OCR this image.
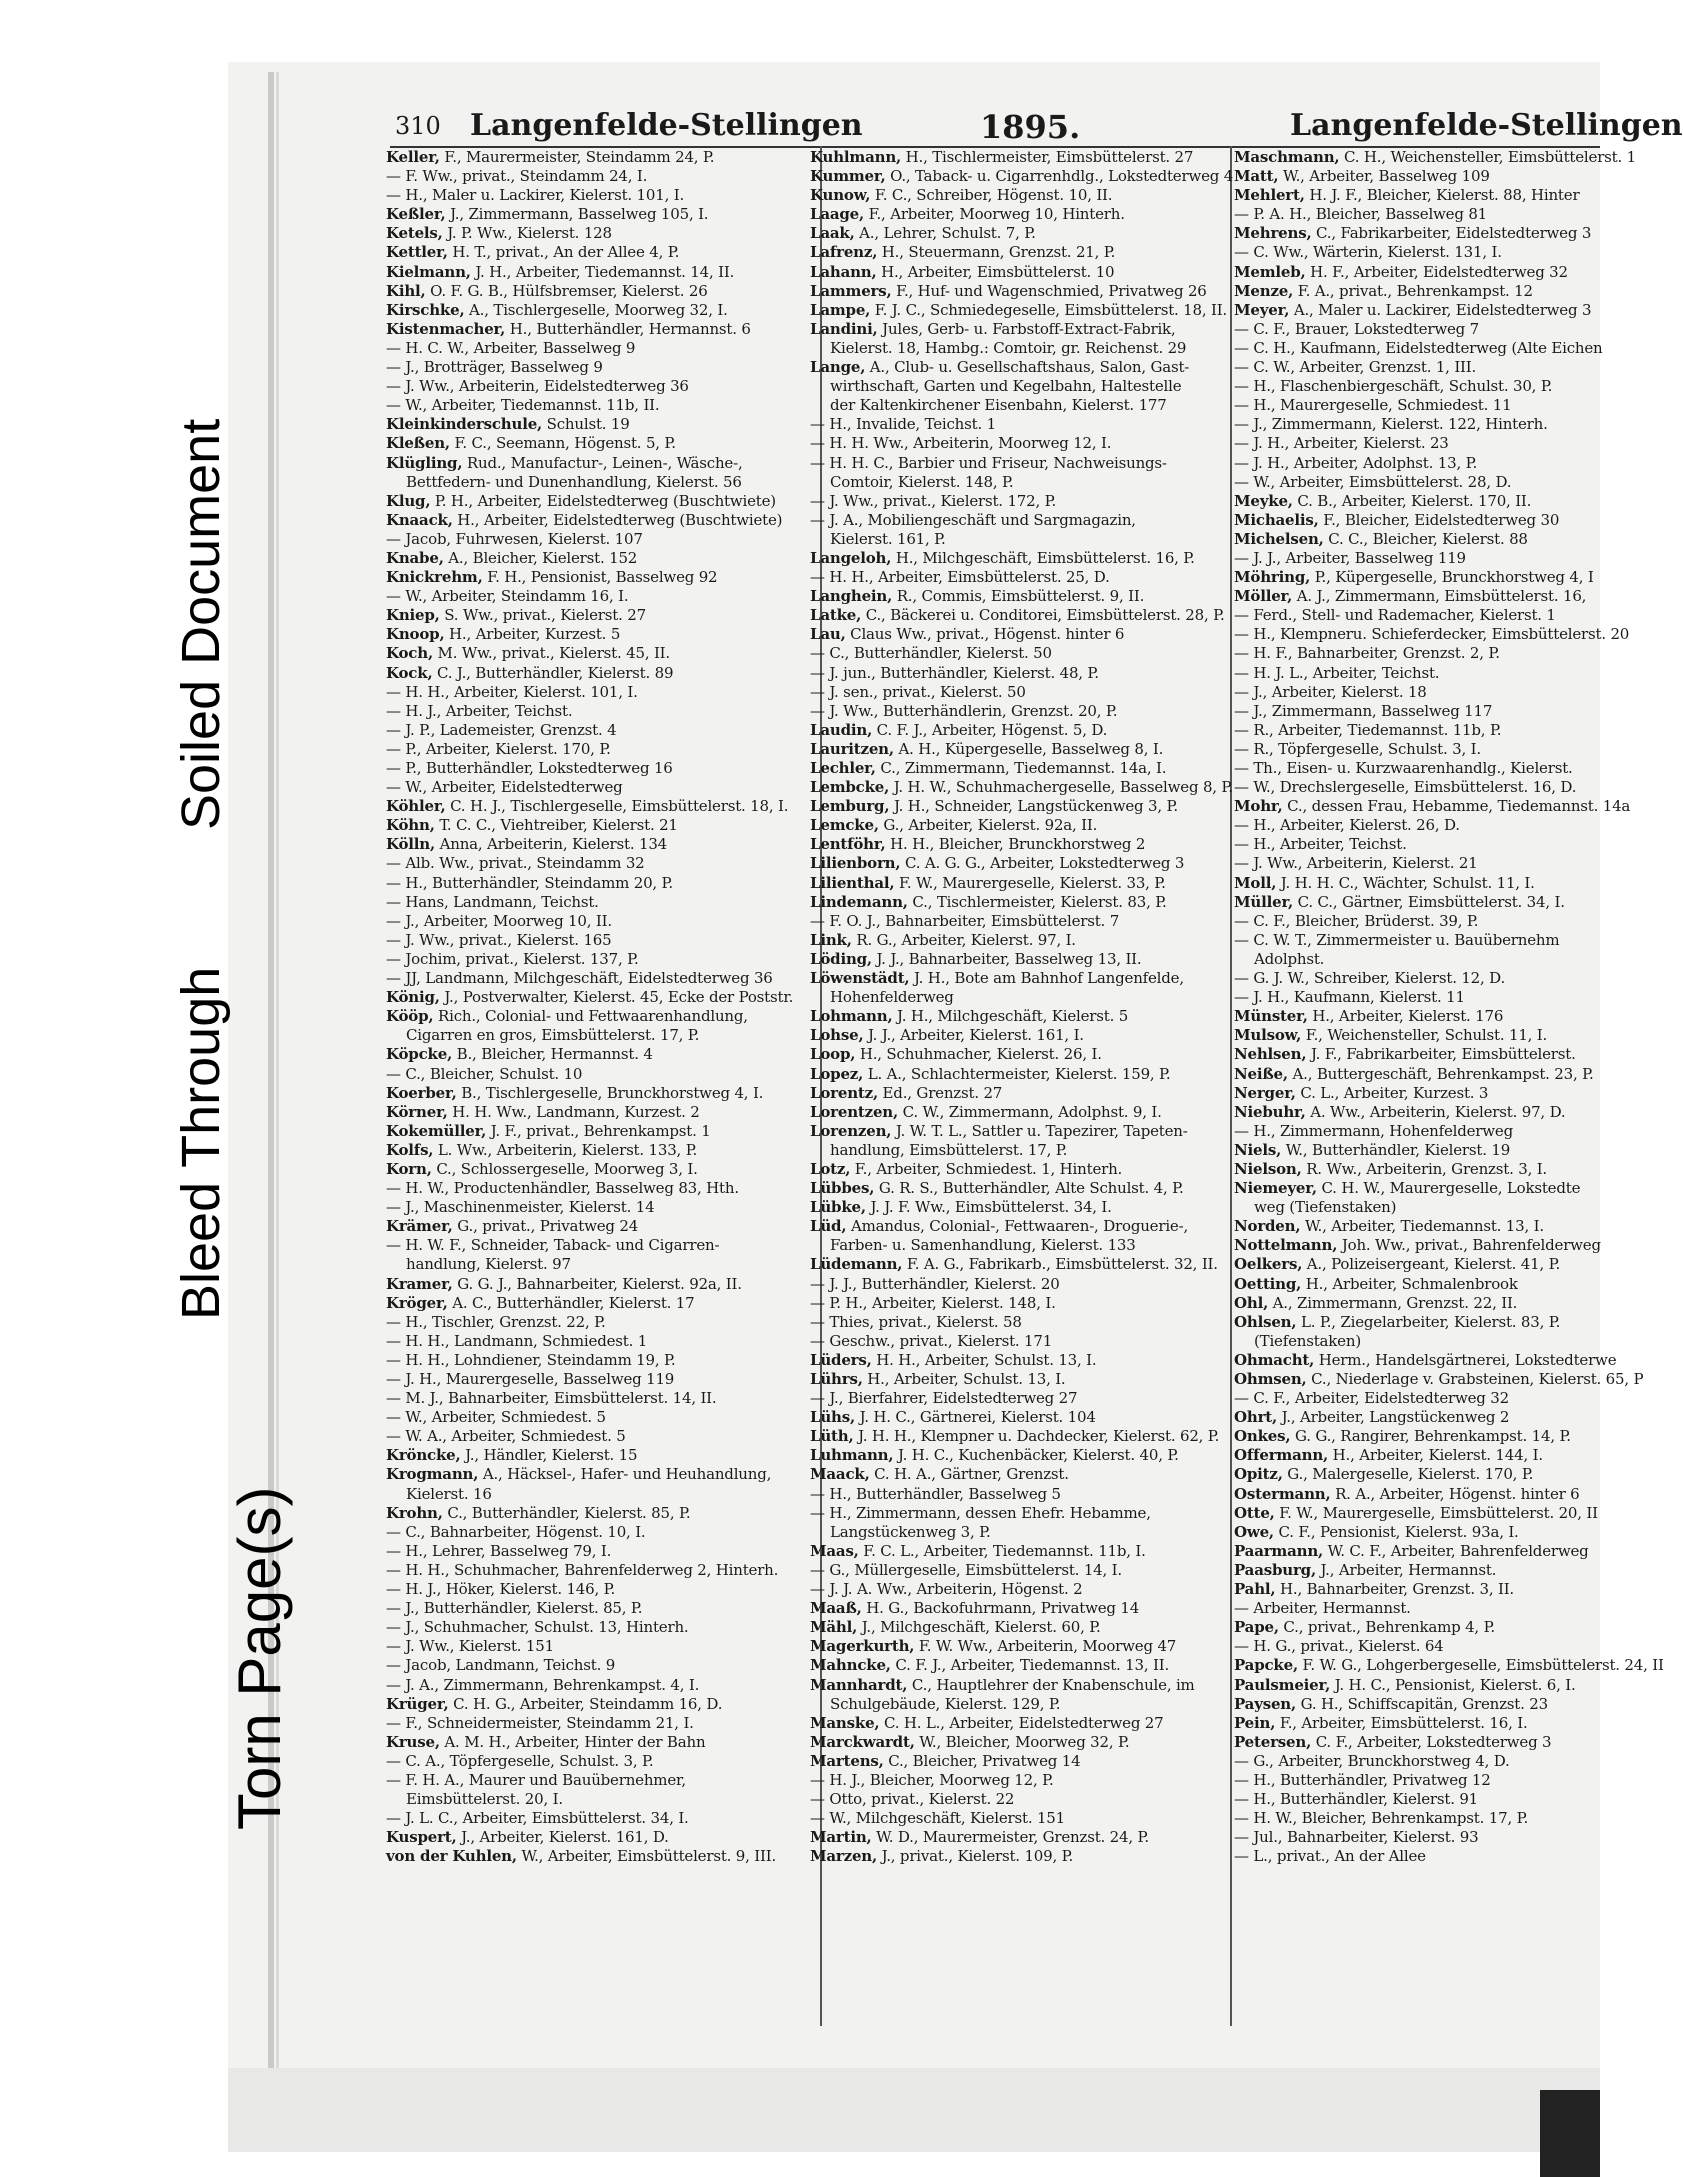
Soiled Document
Bleed Through
Torn Page(s)
310 Langenfelde-Stellingen	1895.	Langenfelde-Stellingen
Keller, F., Maurermeister, Steindamm 24, P.
— F. Ww., privat., Steindamm 24, I.
— H., Maler u. Lackirer, Kielerst. 101, I.
Keßler, J., Zimmermann, Basselweg 105, I.
Ketels, J. P. Ww., Kielerst. 128
Kettler, H. T., privat., An der Allee 4, P.
Kielmann, J. H., Arbeiter, Tiedemannst. 14, II.
Kihl, O. F. G. B., Hülfsbremser, Kielerst. 26
Kirschke, A., Tischlergeselle, Moorweg 32, I.
Kistenmacher, H., Butterhändler, Hermannst. 6
— H. C. W., Arbeiter, Basselweg 9
— J., Brotträger, Basselweg 9
— J. Ww., Arbeiterin, Eidelstedterweg 36
— W., Arbeiter, Tiedemannst. 11b, II.
Kleinkinderschule, Schulst. 19
Kleßen, F. C., Seemann, Högenst. 5, P.
Klügling, Rud., Manufactur-, Leinen-, Wäsche-,
Bettfedern- und Dunenhandlung, Kielerst. 56
Klug, P. H., Arbeiter, Eidelstedterweg (Buschtwiete)
Knaack, H., Arbeiter, Eidelstedterweg (Buschtwiete)
— Jacob, Fuhrwesen, Kielerst. 107
Knabe, A., Bleicher, Kielerst. 152
Knickrehm, F. H., Pensionist, Basselweg 92
— W., Arbeiter, Steindamm 16, I.
Kniep, S. Ww., privat., Kielerst. 27
Knoop, H., Arbeiter, Kurzest. 5
Koch, M. Ww., privat., Kielerst. 45, II.
Kock, C. J., Butterhändler, Kielerst. 89
— H. H., Arbeiter, Kielerst. 101, I.
— H. J., Arbeiter, Teichst.
— J. P., Lademeister, Grenzst. 4
— P., Arbeiter, Kielerst. 170, P.
— P., Butterhändler, Lokstedterweg 16
— W., Arbeiter, Eidelstedterweg
Köhler, C. H. J., Tischlergeselle, Eimsbüttelerst. 18, I.
Köhn, T. C. C., Viehtreiber, Kielerst. 21
Kölln, Anna, Arbeiterin, Kielerst. 134
— Alb. Ww., privat., Steindamm 32
— H., Butterhändler, Steindamm 20, P.
— Hans, Landmann, Teichst.
— J., Arbeiter, Moorweg 10, II.
— J. Ww., privat., Kielerst. 165
— Jochim, privat., Kielerst. 137, P.
— JJ, Landmann, Milchgeschäft, Eidelstedterweg 36
König, J., Postverwalter, Kielerst. 45, Ecke der Poststr.
Kööp, Rich., Colonial- und Fettwaarenhandlung,
Cigarren en gros, Eimsbüttelerst. 17, P.
Köpcke, B., Bleicher, Hermannst. 4
— C., Bleicher, Schulst. 10
Koerber, B., Tischlergeselle, Brunckhorstweg 4, I.
Körner, H. H. Ww., Landmann, Kurzest. 2
Kokemüller, J. F., privat., Behrenkampst. 1
Kolfs, L. Ww., Arbeiterin, Kielerst. 133, P.
Korn, C., Schlossergeselle, Moorweg 3, I.
— H. W., Productenhändler, Basselweg 83, Hth.
— J., Maschinenmeister, Kielerst. 14
Krämer, G., privat., Privatweg 24
— H. W. F., Schneider, Taback- und Cigarren-
handlung, Kielerst. 97
Kramer, G. G. J., Bahnarbeiter, Kielerst. 92a, II.
Kröger, A. C., Butterhändler, Kielerst. 17
— H., Tischler, Grenzst. 22, P.
— H. H., Landmann, Schmiedest. 1
— H. H., Lohndiener, Steindamm 19, P.
— J. H., Maurergeselle, Basselweg 119
— M. J., Bahnarbeiter, Eimsbüttelerst. 14, II.
— W., Arbeiter, Schmiedest. 5
— W. A., Arbeiter, Schmiedest. 5
Kröncke, J., Händler, Kielerst. 15
Krogmann, A., Häcksel-, Hafer- und Heuhandlung,
Kielerst. 16
Krohn, C., Butterhändler, Kielerst. 85, P.
— C., Bahnarbeiter, Högenst. 10, I.
— H., Lehrer, Basselweg 79, I.
— H. H., Schuhmacher, Bahrenfelderweg 2, Hinterh.
— H. J., Höker, Kielerst. 146, P.
— J., Butterhändler, Kielerst. 85, P.
— J., Schuhmacher, Schulst. 13, Hinterh.
— J. Ww., Kielerst. 151
— Jacob, Landmann, Teichst. 9
— J. A., Zimmermann, Behrenkampst. 4, I.
Krüger, C. H. G., Arbeiter, Steindamm 16, D.
— F., Schneidermeister, Steindamm 21, I.
Kruse, A. M. H., Arbeiter, Hinter der Bahn
— C. A., Töpfergeselle, Schulst. 3, P.
— F. H. A., Maurer und Bauübernehmer,
Eimsbüttelerst. 20, I.
— J. L. C., Arbeiter, Eimsbüttelerst. 34, I.
Kuspert, J., Arbeiter, Kielerst. 161, D.
von der Kuhlen, W., Arbeiter, Eimsbüttelerst. 9, III.
Kuhlmann, H., Tischlermeister, Eimsbüttelerst. 27
Kummer, O., Taback- u. Cigarrenhdlg., Lokstedterweg 4
Kunow, F. C., Schreiber, Högenst. 10, II.
Laage, F., Arbeiter, Moorweg 10, Hinterh.
Laak, A., Lehrer, Schulst. 7, P.
Lafrenz, H., Steuermann, Grenzst. 21, P.
Lahann, H., Arbeiter, Eimsbüttelerst. 10
Lammers, F., Huf- und Wagenschmied, Privatweg 26
Lampe, F. J. C., Schmiedegeselle, Eimsbüttelerst. 18, II.
Landini, Jules, Gerb- u. Farbstoff-Extract-Fabrik,
Kielerst. 18, Hambg.: Comtoir, gr. Reichenst. 29
Lange, A., Club- u. Gesellschaftshaus, Salon, Gast-
wirthschaft, Garten und Kegelbahn, Haltestelle
der Kaltenkirchener Eisenbahn, Kielerst. 177
— H., Invalide, Teichst. 1
— H. H. Ww., Arbeiterin, Moorweg 12, I.
— H. H. C., Barbier und Friseur, Nachweisungs-
Comtoir, Kielerst. 148, P.
— J. Ww., privat., Kielerst. 172, P.
— J. A., Mobiliengeschäft und Sargmagazin,
Kielerst. 161, P.
Langeloh, H., Milchgeschäft, Eimsbüttelerst. 16, P.
— H. H., Arbeiter, Eimsbüttelerst. 25, D.
Langhein, R., Commis, Eimsbüttelerst. 9, II.
Latke, C., Bäckerei u. Conditorei, Eimsbüttelerst. 28, P.
Lau, Claus Ww., privat., Högenst. hinter 6
— C., Butterhändler, Kielerst. 50
— J. jun., Butterhändler, Kielerst. 48, P.
— J. sen., privat., Kielerst. 50
— J. Ww., Butterhändlerin, Grenzst. 20, P.
Laudin, C. F. J., Arbeiter, Högenst. 5, D.
Lauritzen, A. H., Küpergeselle, Basselweg 8, I.
Lechler, C., Zimmermann, Tiedemannst. 14a, I.
Lembcke, J. H. W., Schuhmachergeselle, Basselweg 8, P.
Lemburg, J. H., Schneider, Langstückenweg 3, P.
Lemcke, G., Arbeiter, Kielerst. 92a, II.
Lentföhr, H. H., Bleicher, Brunckhorstweg 2
Lilienborn, C. A. G. G., Arbeiter, Lokstedterweg 3
Lilienthal, F. W., Maurergeselle, Kielerst. 33, P.
Lindemann, C., Tischlermeister, Kielerst. 83, P.
— F. O. J., Bahnarbeiter, Eimsbüttelerst. 7
Link, R. G., Arbeiter, Kielerst. 97, I.
Löding, J. J., Bahnarbeiter, Basselweg 13, II.
Löwenstädt, J. H., Bote am Bahnhof Langenfelde,
Hohenfelderweg
Lohmann, J. H., Milchgeschäft, Kielerst. 5
Lohse, J. J., Arbeiter, Kielerst. 161, I.
Loop, H., Schuhmacher, Kielerst. 26, I.
Lopez, L. A., Schlachtermeister, Kielerst. 159, P.
Lorentz, Ed., Grenzst. 27
Lorentzen, C. W., Zimmermann, Adolphst. 9, I.
Lorenzen, J. W. T. L., Sattler u. Tapezirer, Tapeten-
handlung, Eimsbüttelerst. 17, P.
Lotz, F., Arbeiter, Schmiedest. 1, Hinterh.
Lübbes, G. R. S., Butterhändler, Alte Schulst. 4, P.
Lübke, J. J. F. Ww., Eimsbüttelerst. 34, I.
Lüd, Amandus, Colonial-, Fettwaaren-, Droguerie-,
Farben- u. Samenhandlung, Kielerst. 133
Lüdemann, F. A. G., Fabrikarb., Eimsbüttelerst. 32, II.
— J. J., Butterhändler, Kielerst. 20
— P. H., Arbeiter, Kielerst. 148, I.
— Thies, privat., Kielerst. 58
— Geschw., privat., Kielerst. 171
Lüders, H. H., Arbeiter, Schulst. 13, I.
Lührs, H., Arbeiter, Schulst. 13, I.
— J., Bierfahrer, Eidelstedterweg 27
Lühs, J. H. C., Gärtnerei, Kielerst. 104
Lüth, J. H. H., Klempner u. Dachdecker, Kielerst. 62, P.
Luhmann, J. H. C., Kuchenbäcker, Kielerst. 40, P.
Maack, C. H. A., Gärtner, Grenzst.
— H., Butterhändler, Basselweg 5
— H., Zimmermann, dessen Ehefr. Hebamme,
Langstückenweg 3, P.
Maas, F. C. L., Arbeiter, Tiedemannst. 11b, I.
— G., Müllergeselle, Eimsbüttelerst. 14, I.
— J. J. A. Ww., Arbeiterin, Högenst. 2
Maaß, H. G., Backofuhrmann, Privatweg 14
Mähl, J., Milchgeschäft, Kielerst. 60, P.
Magerkurth, F. W. Ww., Arbeiterin, Moorweg 47
Mahncke, C. F. J., Arbeiter, Tiedemannst. 13, II.
Mannhardt, C., Hauptlehrer der Knabenschule, im
Schulgebäude, Kielerst. 129, P.
Manske, C. H. L., Arbeiter, Eidelstedterweg 27
Marckwardt, W., Bleicher, Moorweg 32, P.
Martens, C., Bleicher, Privatweg 14
— H. J., Bleicher, Moorweg 12, P.
— Otto, privat., Kielerst. 22
— W., Milchgeschäft, Kielerst. 151
Martin, W. D., Maurermeister, Grenzst. 24, P.
Marzen, J., privat., Kielerst. 109, P.
Maschmann, C. H., Weichensteller, Eimsbüttelerst. 1
Matt, W., Arbeiter, Basselweg 109
Mehlert, H. J. F., Bleicher, Kielerst. 88, Hinter
— P. A. H., Bleicher, Basselweg 81
Mehrens, C., Fabrikarbeiter, Eidelstedterweg 3
— C. Ww., Wärterin, Kielerst. 131, I.
Memleb, H. F., Arbeiter, Eidelstedterweg 32
Menze, F. A., privat., Behrenkampst. 12
Meyer, A., Maler u. Lackirer, Eidelstedterweg 3
— C. F., Brauer, Lokstedterweg 7
— C. H., Kaufmann, Eidelstedterweg (Alte Eichen
— C. W., Arbeiter, Grenzst. 1, III.
— H., Flaschenbiergeschäft, Schulst. 30, P.
— H., Maurergeselle, Schmiedest. 11
— J., Zimmermann, Kielerst. 122, Hinterh.
— J. H., Arbeiter, Kielerst. 23
— J. H., Arbeiter, Adolphst. 13, P.
— W., Arbeiter, Eimsbüttelerst. 28, D.
Meyke, C. B., Arbeiter, Kielerst. 170, II.
Michaelis, F., Bleicher, Eidelstedterweg 30
Michelsen, C. C., Bleicher, Kielerst. 88
— J. J., Arbeiter, Basselweg 119
Möhring, P., Küpergeselle, Brunckhorstweg 4, I
Möller, A. J., Zimmermann, Eimsbüttelerst. 16,
— Ferd., Stell- und Rademacher, Kielerst. 1
— H., Klempneru. Schieferdecker, Eimsbüttelerst. 20
— H. F., Bahnarbeiter, Grenzst. 2, P.
— H. J. L., Arbeiter, Teichst.
— J., Arbeiter, Kielerst. 18
— J., Zimmermann, Basselweg 117
— R., Arbeiter, Tiedemannst. 11b, P.
— R., Töpfergeselle, Schulst. 3, I.
— Th., Eisen- u. Kurzwaarenhandlg., Kielerst.
— W., Drechslergeselle, Eimsbüttelerst. 16, D.
Mohr, C., dessen Frau, Hebamme, Tiedemannst. 14a
— H., Arbeiter, Kielerst. 26, D.
— H., Arbeiter, Teichst.
— J. Ww., Arbeiterin, Kielerst. 21
Moll, J. H. H. C., Wächter, Schulst. 11, I.
Müller, C. C., Gärtner, Eimsbüttelerst. 34, I.
— C. F., Bleicher, Brüderst. 39, P.
— C. W. T., Zimmermeister u. Bauübernehm
Adolphst.
— G. J. W., Schreiber, Kielerst. 12, D.
— J. H., Kaufmann, Kielerst. 11
Münster, H., Arbeiter, Kielerst. 176
Mulsow, F., Weichensteller, Schulst. 11, I.
Nehlsen, J. F., Fabrikarbeiter, Eimsbüttelerst.
Neiße, A., Buttergeschäft, Behrenkampst. 23, P.
Nerger, C. L., Arbeiter, Kurzest. 3
Niebuhr, A. Ww., Arbeiterin, Kielerst. 97, D.
— H., Zimmermann, Hohenfelderweg
Niels, W., Butterhändler, Kielerst. 19
Nielson, R. Ww., Arbeiterin, Grenzst. 3, I.
Niemeyer, C. H. W., Maurergeselle, Lokstedte
weg (Tiefenstaken)
Norden, W., Arbeiter, Tiedemannst. 13, I.
Nottelmann, Joh. Ww., privat., Bahrenfelderweg
Oelkers, A., Polizeisergeant, Kielerst. 41, P.
Oetting, H., Arbeiter, Schmalenbrook
Ohl, A., Zimmermann, Grenzst. 22, II.
Ohlsen, L. P., Ziegelarbeiter, Kielerst. 83, P.
(Tiefenstaken)
Ohmacht, Herm., Handelsgärtnerei, Lokstedterwe
Ohmsen, C., Niederlage v. Grabsteinen, Kielerst. 65, P
— C. F., Arbeiter, Eidelstedterweg 32
Ohrt, J., Arbeiter, Langstückenweg 2
Onkes, G. G., Rangirer, Behrenkampst. 14, P.
Offermann, H., Arbeiter, Kielerst. 144, I.
Opitz, G., Malergeselle, Kielerst. 170, P.
Ostermann, R. A., Arbeiter, Högenst. hinter 6
Otte, F. W., Maurergeselle, Eimsbüttelerst. 20, II
Owe, C. F., Pensionist, Kielerst. 93a, I.
Paarmann, W. C. F., Arbeiter, Bahrenfelderweg
Paasburg, J., Arbeiter, Hermannst.
Pahl, H., Bahnarbeiter, Grenzst. 3, II.
— Arbeiter, Hermannst.
Pape, C., privat., Behrenkamp 4, P.
— H. G., privat., Kielerst. 64
Papcke, F. W. G., Lohgerbergeselle, Eimsbüttelerst. 24, II
Paulsmeier, J. H. C., Pensionist, Kielerst. 6, I.
Paysen, G. H., Schiffscapitän, Grenzst. 23
Pein, F., Arbeiter, Eimsbüttelerst. 16, I.
Petersen, C. F., Arbeiter, Lokstedterweg 3
— G., Arbeiter, Brunckhorstweg 4, D.
— H., Butterhändler, Privatweg 12
— H., Butterhändler, Kielerst. 91
— H. W., Bleicher, Behrenkampst. 17, P.
— Jul., Bahnarbeiter, Kielerst. 93
— L., privat., An der Allee
